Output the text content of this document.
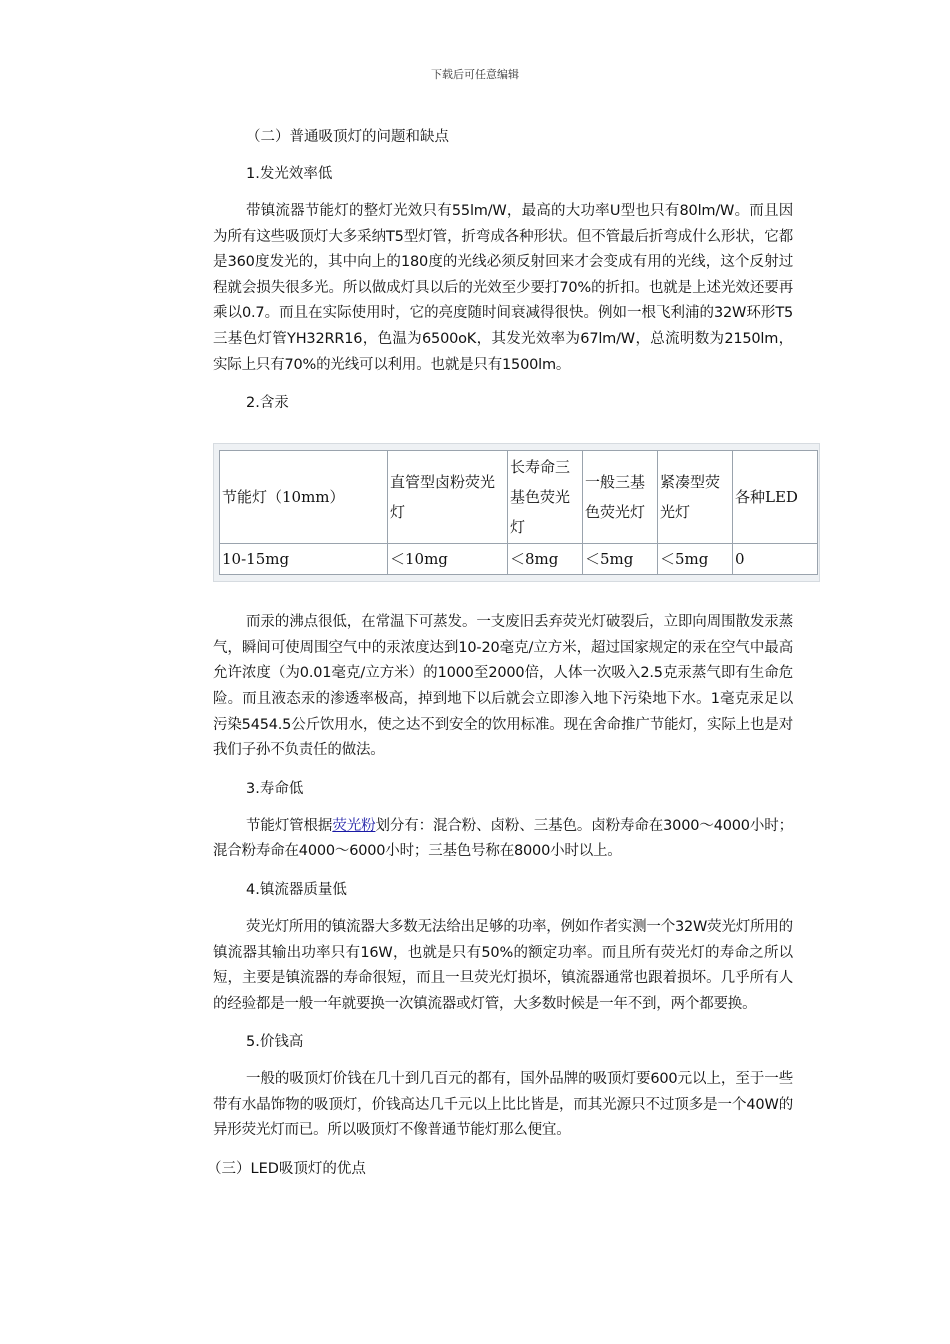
下载后可任意编辑
（二）普通吸顶灯的问题和缺点
1.发光效率低

带镇流器节能灯的整灯光效只有55lm/W，最高的大功率U型也只有80lm/W。而且因为所有这些吸顶灯大多采纳T5型灯管，折弯成各种形状。但不管最后折弯成什么形状，它都是360度发光的，其中向上的180度的光线必须反射回来才会变成有用的光线，这个反射过程就会损失很多光。所以做成灯具以后的光效至少要打70%的折扣。也就是上述光效还要再乘以0.7。而且在实际使用时，它的亮度随时间衰减得很快。例如一根飞利浦的32W环形T5三基色灯管YH32RR16，色温为6500oK，其发光效率为67lm/W，总流明数为2150lm，实际上只有70%的光线可以利用。也就是只有1500lm。

2.含汞

而汞的沸点很低，在常温下可蒸发。一支废旧丢弃荧光灯破裂后，立即向周围散发汞蒸气，瞬间可使周围空气中的汞浓度达到10-20毫克/立方米，超过国家规定的汞在空气中最高允许浓度（为0.01毫克/立方米）的1000至2000倍，人体一次吸入2.5克汞蒸气即有生命危险。而且液态汞的渗透率极高，掉到地下以后就会立即渗入地下污染地下水。1毫克汞足以污染5454.5公斤饮用水，使之达不到安全的饮用标准。现在舍命推广节能灯，实际上也是对我们子孙不负责任的做法。

3.寿命低

节能灯管根据荧光粉划分有：混合粉、卤粉、三基色。卤粉寿命在3000～4000小时；混合粉寿命在4000～6000小时；三基色号称在8000小时以上。

4.镇流器质量低

荧光灯所用的镇流器大多数无法给出足够的功率，例如作者实测一个32W荧光灯所用的镇流器其输出功率只有16W，也就是只有50%的额定功率。而且所有荧光灯的寿命之所以短，主要是镇流器的寿命很短，而且一旦荧光灯损坏，镇流器通常也跟着损坏。几乎所有人的经验都是一般一年就要换一次镇流器或灯管，大多数时候是一年不到，两个都要换。

5.价钱高

一般的吸顶灯价钱在几十到几百元的都有，国外品牌的吸顶灯要600元以上，至于一些带有水晶饰物的吸顶灯，价钱高达几千元以上比比皆是，而其光源只不过顶多是一个40W的异形荧光灯而已。所以吸顶灯不像普通节能灯那么便宜。

（三）LED吸顶灯的优点
节能灯（10mm）	直管型卤粉荧光灯	长寿命三基色荧光灯	一般三基色荧光灯	紧凑型荧光灯	各种LED
10-15mg	＜10mg	＜8mg	＜5mg	＜5mg	0
